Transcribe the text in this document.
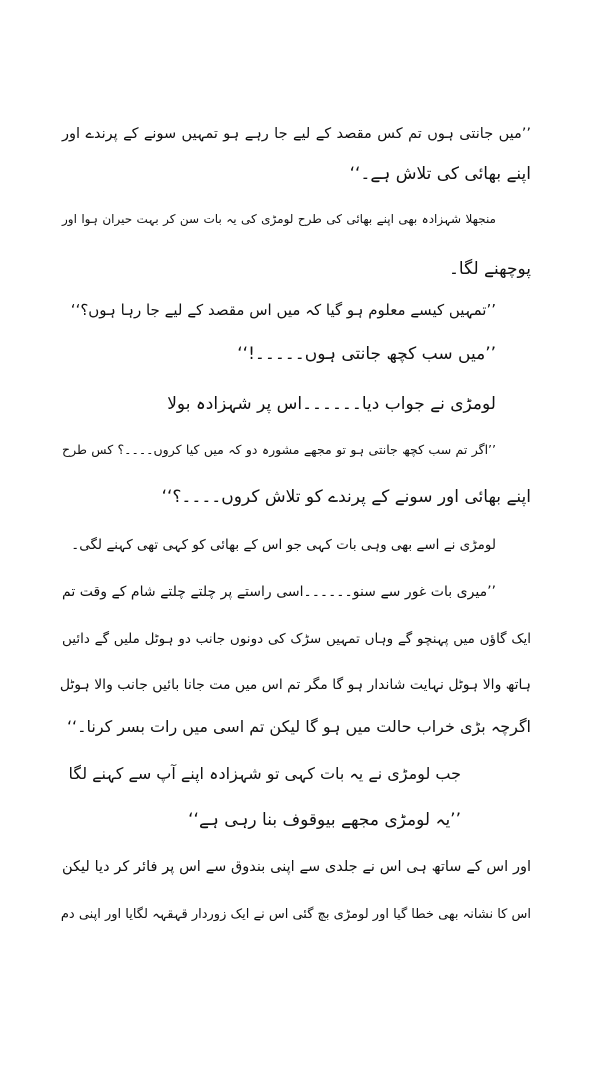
’’میں جانتی ہوں تم کس مقصد کے لیے جا رہے ہو تمہیں سونے کے پرندے اور
اپنے بھائی کی تلاش ہے۔‘‘
منجھلا شہزادہ بھی اپنے بھائی کی طرح لومڑی کی یہ بات سن کر بہت حیران ہوا اور
پوچھنے لگا۔
’’تمہیں کیسے معلوم ہو گیا کہ میں اس مقصد کے لیے جا رہا ہوں؟‘‘
’’میں سب کچھ جانتی ہوں۔۔۔۔۔!‘‘
لومڑی نے جواب دیا۔۔۔۔۔۔اس پر شہزادہ بولا
’’اگر تم سب کچھ جانتی ہو تو مجھے مشورہ دو کہ میں کیا کروں۔۔۔۔؟ کس طرح
اپنے بھائی اور سونے کے پرندے کو تلاش کروں۔۔۔۔؟‘‘
لومڑی نے اسے بھی وہی بات کہی جو اس کے بھائی کو کہی تھی کہنے لگی۔
’’میری بات غور سے سنو۔۔۔۔۔۔اسی راستے پر چلتے چلتے شام کے وقت تم
ایک گاؤں میں پہنچو گے وہاں تمہیں سڑک کی دونوں جانب دو ہوٹل ملیں گے دائیں
ہاتھ والا ہوٹل نہایت شاندار ہو گا مگر تم اس میں مت جانا بائیں جانب والا ہوٹل
اگرچہ بڑی خراب حالت میں ہو گا لیکن تم اسی میں رات بسر کرنا۔‘‘
جب لومڑی نے یہ بات کہی تو شہزادہ اپنے آپ سے کہنے لگا
’’یہ لومڑی مجھے بیوقوف بنا رہی ہے‘‘
اور اس کے ساتھ ہی اس نے جلدی سے اپنی بندوق سے اس پر فائر کر دیا لیکن
اس کا نشانہ بھی خطا گیا اور لومڑی بچ گئی اس نے ایک زوردار قہقہہ لگایا اور اپنی دم
